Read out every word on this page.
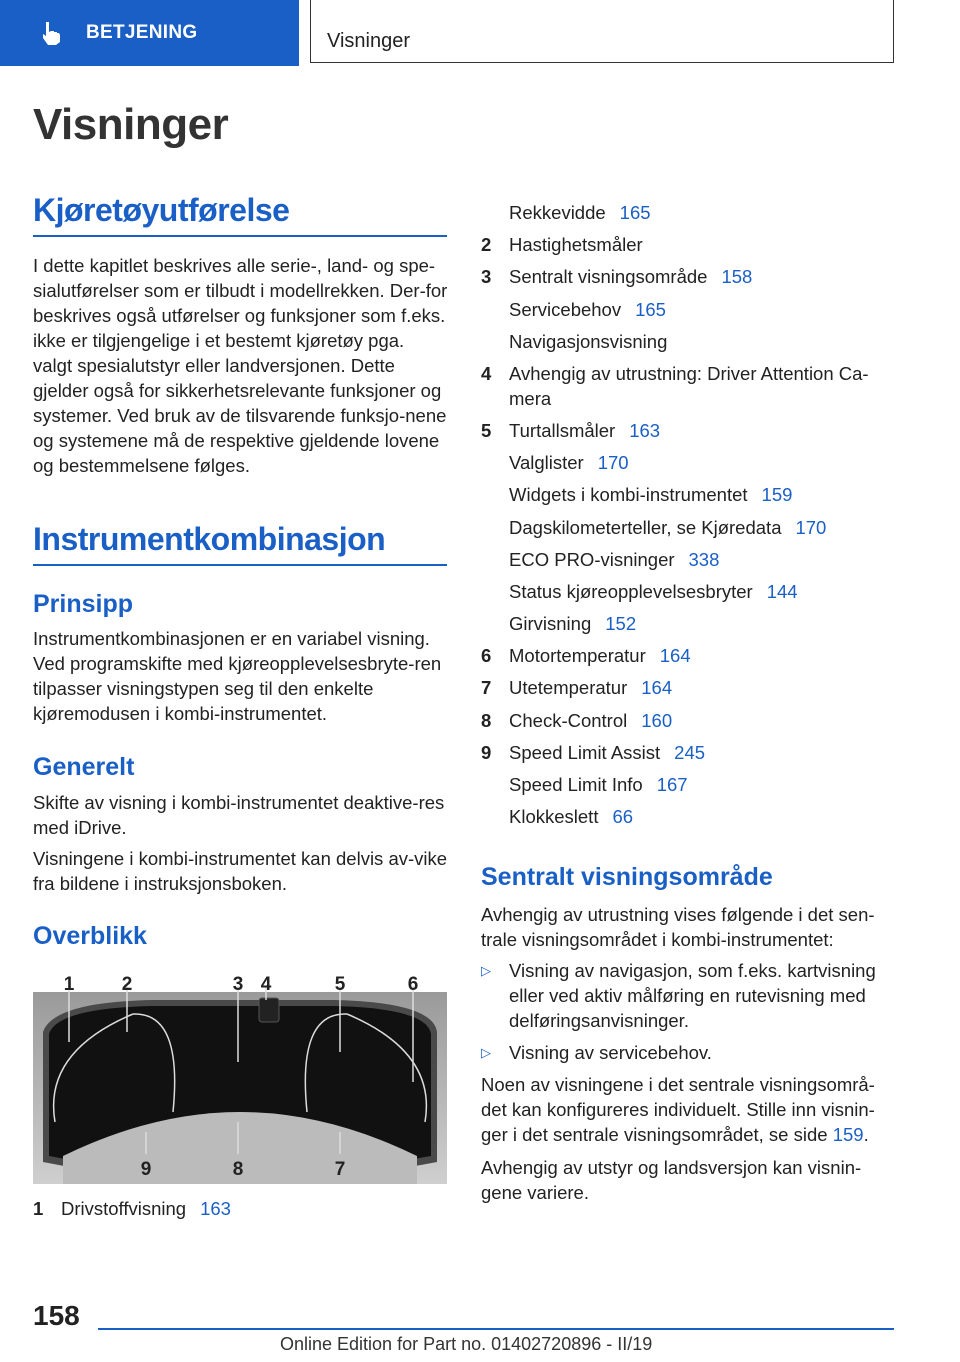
BETJENING	Visninger
Visninger
Kjøretøyutførelse

I dette kapitlet beskrives alle serie-, land- og spe-sialutførelser som er tilbudt i modellrekken. Der-for beskrives også utførelser og funksjoner som f.eks. ikke er tilgjengelige i et bestemt kjøretøy pga. valgt spesialutstyr eller landversjonen. Dette gjelder også for sikkerhetsrelevante funksjoner og systemer. Ved bruk av de tilsvarende funksjo-nene og systemene må de respektive gjeldende lovene og bestemmelsene følges.

Instrumentkombinasjon
Prinsipp

Instrumentkombinasjonen er en variabel visning. Ved programskifte med kjøreopplevelsesbryte-ren tilpasser visningstypen seg til den enkelte kjøremodusen i kombi-instrumentet.

Generelt

Skifte av visning i kombi-instrumentet deaktive-res med iDrive.

Visningene i kombi-instrumentet kan delvis av-vike fra bildene i instruksjonsboken.

Overblikk
1 2	3 4	5	6
9	8	7
1 Drivstoffvisning 163
Rekkevidde 165
2 Hastighetsmåler
3 Sentralt visningsområde 158
Servicebehov 165
Navigasjonsvisning
4 Avhengig av utrustning: Driver Attention Ca-mera
5 Turtallsmåler 163
Valglister 170
Widgets i kombi-instrumentet 159
Dagskilometerteller, se Kjøredata 170
ECO PRO-visninger 338
Status kjøreopplevelsesbryter 144
Girvisning 152
6 Motortemperatur 164
7 Utetemperatur 164
8 Check-Control 160
9 Speed Limit Assist 245
Speed Limit Info 167
Klokkeslett 66
Sentralt visningsområde

Avhengig av utrustning vises følgende i det sen-trale visningsområdet i kombi-instrumentet:

▷ Visning av navigasjon, som f.eks. kartvisning eller ved aktiv målføring en rutevisning med delføringsanvisninger.
▷ Visning av servicebehov.

Noen av visningene i det sentrale visningsområ-det kan konfigureres individuelt. Stille inn visnin-ger i det sentrale visningsområdet, se side 159.

Avhengig av utstyr og landsversjon kan visnin-gene variere.

158
Online Edition for Part no. 01402720896 - II/19
